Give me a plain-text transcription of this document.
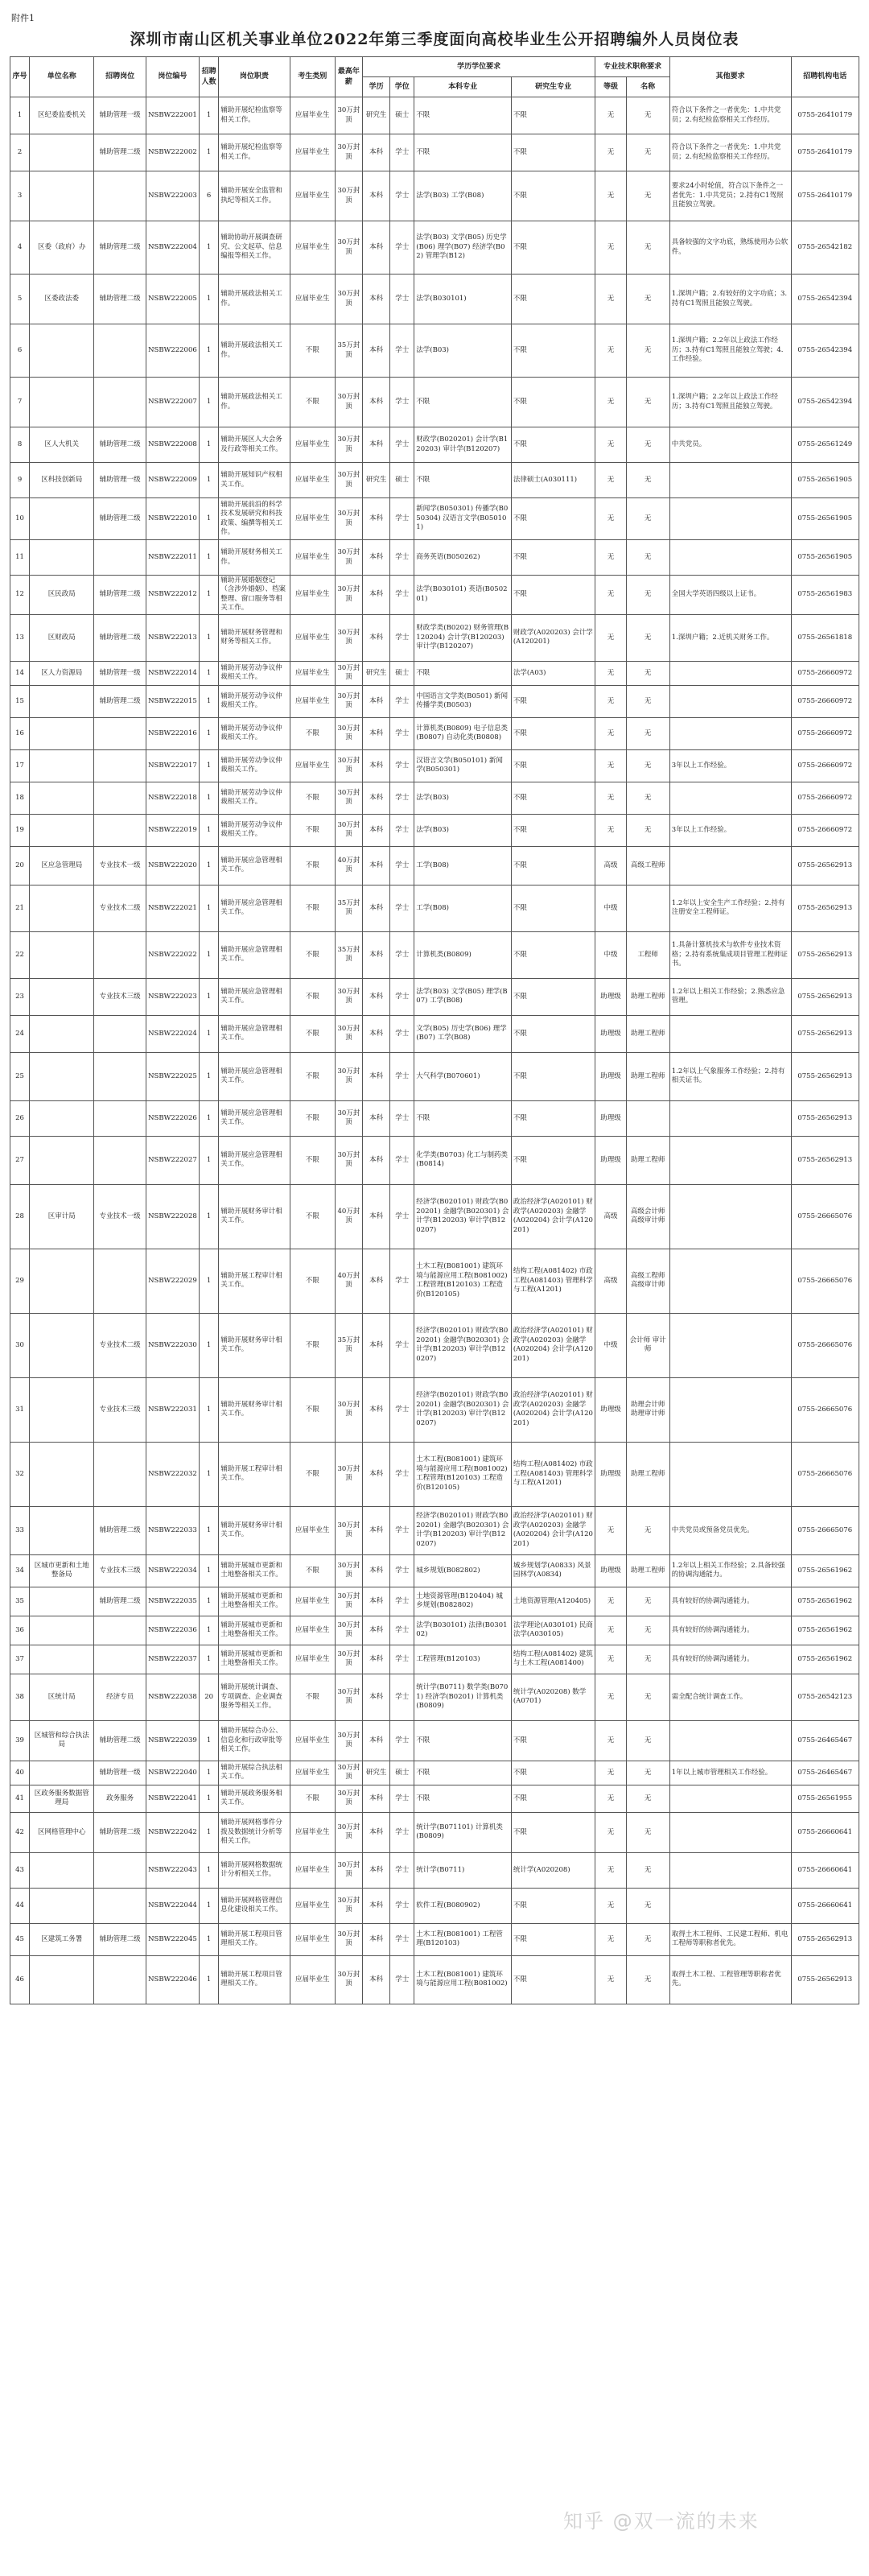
附件1
深圳市南山区机关事业单位2022年第三季度面向高校毕业生公开招聘编外人员岗位表
序号	单位名称	招聘岗位	岗位编号	招聘人数	岗位职责	考生类别	最高年薪	学历学位要求				专业技术职称要求		其他要求	招聘机构电话
								学历	学位	本科专业	研究生专业	等级	名称		
1	区纪委监委机关	辅助管理一级	NSBW222001	1	辅助开展纪检监察等相关工作。	应届毕业生	30万封顶	研究生	硕士	不限	不限	无	无	符合以下条件之一者优先：1.中共党员；2.有纪检监察相关工作经历。	0755-26410179
2		辅助管理二级	NSBW222002	1	辅助开展纪检监察等相关工作。	应届毕业生	30万封顶	本科	学士	不限	不限	无	无	符合以下条件之一者优先：1.中共党员；2.有纪检监察相关工作经历。	0755-26410179
3			NSBW222003	6	辅助开展安全监管和执纪等相关工作。	应届毕业生	30万封顶	本科	学士	法学(B03) 工学(B08)	不限	无	无	要求24小时轮值，符合以下条件之一者优先：1.中共党员；2.持有C1驾照且能独立驾驶。	0755-26410179
4	区委（政府）办	辅助管理二级	NSBW222004	1	辅助协助开展调查研究、公文起草、信息编报等相关工作。	应届毕业生	30万封顶	本科	学士	法学(B03) 文学(B05) 历史学(B06) 理学(B07) 经济学(B02) 管理学(B12)	不限	无	无	具备较强的文字功底，熟练使用办公软件。	0755-26542182
5	区委政法委	辅助管理二级	NSBW222005	1	辅助开展政法相关工作。	应届毕业生	30万封顶	本科	学士	法学(B030101)	不限	无	无	1.深圳户籍；2.有较好的文字功底；3.持有C1驾照且能独立驾驶。	0755-26542394
6			NSBW222006	1	辅助开展政法相关工作。	不限	35万封顶	本科	学士	法学(B03)	不限	无	无	1.深圳户籍；2.2年以上政法工作经历；3.持有C1驾照且能独立驾驶；4.工作经验。	0755-26542394
7			NSBW222007	1	辅助开展政法相关工作。	不限	30万封顶	本科	学士	不限	不限	无	无	1.深圳户籍；2.2年以上政法工作经历；3.持有C1驾照且能独立驾驶。	0755-26542394
8	区人大机关	辅助管理二级	NSBW222008	1	辅助开展区人大会务及行政等相关工作。	应届毕业生	30万封顶	本科	学士	财政学(B020201) 会计学(B120203) 审计学(B120207)	不限	无	无	中共党员。	0755-26561249
9	区科技创新局	辅助管理一级	NSBW222009	1	辅助开展知识产权相关工作。	应届毕业生	30万封顶	研究生	硕士	不限	法律硕士(A030111)	无	无		0755-26561905
10		辅助管理二级	NSBW222010	1	辅助开展前沿的科学技术发展研究和科技政策、编撰等相关工作。	应届毕业生	30万封顶	本科	学士	新闻学(B050301) 传播学(B050304) 汉语言文学(B050101)	不限	无	无		0755-26561905
11			NSBW222011	1	辅助开展财务相关工作。	应届毕业生	30万封顶	本科	学士	商务英语(B050262)	不限	无	无		0755-26561905
12	区民政局	辅助管理二级	NSBW222012	1	辅助开展婚姻登记（含涉外婚姻）、档案整理、窗口服务等相关工作。	应届毕业生	30万封顶	本科	学士	法学(B030101) 英语(B050201)	不限	无	无	全国大学英语四级以上证书。	0755-26561983
13	区财政局	辅助管理二级	NSBW222013	1	辅助开展财务管理和财务等相关工作。	应届毕业生	30万封顶	本科	学士	财政学类(B0202) 财务管理(B120204) 会计学(B120203) 审计学(B120207)	财政学(A020203) 会计学(A120201)	无	无	1.深圳户籍；2.近机关财务工作。	0755-26561818
14	区人力资源局	辅助管理一级	NSBW222014	1	辅助开展劳动争议仲裁相关工作。	应届毕业生	30万封顶	研究生	硕士	不限	法学(A03)	无	无		0755-26660972
15		辅助管理二级	NSBW222015	1	辅助开展劳动争议仲裁相关工作。	应届毕业生	30万封顶	本科	学士	中国语言文学类(B0501) 新闻传播学类(B0503)	不限	无	无		0755-26660972
16			NSBW222016	1	辅助开展劳动争议仲裁相关工作。	不限	30万封顶	本科	学士	计算机类(B0809) 电子信息类(B0807) 自动化类(B0808)	不限	无	无		0755-26660972
17			NSBW222017	1	辅助开展劳动争议仲裁相关工作。	应届毕业生	30万封顶	本科	学士	汉语言文学(B050101) 新闻学(B050301)	不限	无	无	3年以上工作经验。	0755-26660972
18			NSBW222018	1	辅助开展劳动争议仲裁相关工作。	不限	30万封顶	本科	学士	法学(B03)	不限	无	无		0755-26660972
19			NSBW222019	1	辅助开展劳动争议仲裁相关工作。	不限	30万封顶	本科	学士	法学(B03)	不限	无	无	3年以上工作经验。	0755-26660972
20	区应急管理局	专业技术一级	NSBW222020	1	辅助开展应急管理相关工作。	不限	40万封顶	本科	学士	工学(B08)	不限	高级	高级工程师		0755-26562913
21		专业技术二级	NSBW222021	1	辅助开展应急管理相关工作。	不限	35万封顶	本科	学士	工学(B08)	不限	中级		1.2年以上安全生产工作经验；2.持有注册安全工程师证。	0755-26562913
22			NSBW222022	1	辅助开展应急管理相关工作。	不限	35万封顶	本科	学士	计算机类(B0809)	不限	中级	工程师	1.具备计算机技术与软件专业技术资格；2.持有系统集成项目管理工程师证书。	0755-26562913
23		专业技术三级	NSBW222023	1	辅助开展应急管理相关工作。	不限	30万封顶	本科	学士	法学(B03) 文学(B05) 理学(B07) 工学(B08)	不限	助理级	助理工程师	1.2年以上相关工作经验；2.熟悉应急管理。	0755-26562913
24			NSBW222024	1	辅助开展应急管理相关工作。	不限	30万封顶	本科	学士	文学(B05) 历史学(B06) 理学(B07) 工学(B08)	不限	助理级	助理工程师		0755-26562913
25			NSBW222025	1	辅助开展应急管理相关工作。	不限	30万封顶	本科	学士	大气科学(B070601)	不限	助理级	助理工程师	1.2年以上气象服务工作经验；2.持有相关证书。	0755-26562913
26			NSBW222026	1	辅助开展应急管理相关工作。	不限	30万封顶	本科	学士	不限	不限	助理级			0755-26562913
27			NSBW222027	1	辅助开展应急管理相关工作。	不限	30万封顶	本科	学士	化学类(B0703) 化工与制药类(B0814)	不限	助理级	助理工程师		0755-26562913
28	区审计局	专业技术一级	NSBW222028	1	辅助开展财务审计相关工作。	不限	40万封顶	本科	学士	经济学(B020101) 财政学(B020201) 金融学(B020301) 会计学(B120203) 审计学(B120207)	政治经济学(A020101) 财政学(A020203) 金融学(A020204) 会计学(A120201)	高级	高级会计师 高级审计师		0755-26665076
29			NSBW222029	1	辅助开展工程审计相关工作。	不限	40万封顶	本科	学士	土木工程(B081001) 建筑环境与能源应用工程(B081002) 工程管理(B120103) 工程造价(B120105)	结构工程(A081402) 市政工程(A081403) 管理科学与工程(A1201)	高级	高级工程师 高级审计师		0755-26665076
30		专业技术二级	NSBW222030	1	辅助开展财务审计相关工作。	不限	35万封顶	本科	学士	经济学(B020101) 财政学(B020201) 金融学(B020301) 会计学(B120203) 审计学(B120207)	政治经济学(A020101) 财政学(A020203) 金融学(A020204) 会计学(A120201)	中级	会计师 审计师		0755-26665076
31		专业技术三级	NSBW222031	1	辅助开展财务审计相关工作。	不限	30万封顶	本科	学士	经济学(B020101) 财政学(B020201) 金融学(B020301) 会计学(B120203) 审计学(B120207)	政治经济学(A020101) 财政学(A020203) 金融学(A020204) 会计学(A120201)	助理级	助理会计师 助理审计师		0755-26665076
32			NSBW222032	1	辅助开展工程审计相关工作。	不限	30万封顶	本科	学士	土木工程(B081001) 建筑环境与能源应用工程(B081002) 工程管理(B120103) 工程造价(B120105)	结构工程(A081402) 市政工程(A081403) 管理科学与工程(A1201)	助理级	助理工程师		0755-26665076
33		辅助管理二级	NSBW222033	1	辅助开展财务审计相关工作。	应届毕业生	30万封顶	本科	学士	经济学(B020101) 财政学(B020201) 金融学(B020301) 会计学(B120203) 审计学(B120207)	政治经济学(A020101) 财政学(A020203) 金融学(A020204) 会计学(A120201)	无	无	中共党员或预备党员优先。	0755-26665076
34	区城市更新和土地整备局	专业技术三级	NSBW222034	1	辅助开展城市更新和土地整备相关工作。	不限	30万封顶	本科	学士	城乡规划(B082802)	城乡规划学(A0833) 风景园林学(A0834)	助理级	助理工程师	1.2年以上相关工作经验；2.具备较强的协调沟通能力。	0755-26561962
35		辅助管理二级	NSBW222035	1	辅助开展城市更新和土地整备相关工作。	应届毕业生	30万封顶	本科	学士	土地资源管理(B120404) 城乡规划(B082802)	土地资源管理(A120405)	无	无	具有较好的协调沟通能力。	0755-26561962
36			NSBW222036	1	辅助开展城市更新和土地整备相关工作。	应届毕业生	30万封顶	本科	学士	法学(B030101) 法律(B030102)	法学理论(A030101) 民商法学(A030105)	无	无	具有较好的协调沟通能力。	0755-26561962
37			NSBW222037	1	辅助开展城市更新和土地整备相关工作。	应届毕业生	30万封顶	本科	学士	工程管理(B120103)	结构工程(A081402) 建筑与土木工程(A081400)	无	无	具有较好的协调沟通能力。	0755-26561962
38	区统计局	经济专员	NSBW222038	20	辅助开展统计调查、专项调查、企业调查服务等相关工作。	不限	30万封顶	本科	学士	统计学(B0711) 数学类(B0701) 经济学(B0201) 计算机类(B0809)	统计学(A020208) 数学(A0701)	无	无	需全配合统计调查工作。	0755-26542123
39	区城管和综合执法局	辅助管理二级	NSBW222039	1	辅助开展综合办公、信息化和行政审批等相关工作。	应届毕业生	30万封顶	本科	学士	不限	不限	无	无		0755-26465467
40		辅助管理一级	NSBW222040	1	辅助开展综合执法相关工作。	应届毕业生	30万封顶	研究生	硕士	不限	不限	无	无	1年以上城市管理相关工作经验。	0755-26465467
41	区政务服务数据管理局	政务服务	NSBW222041	1	辅助开展政务服务相关工作。	不限	30万封顶	本科	学士	不限	不限	无	无		0755-26561955
42	区网格管理中心	辅助管理二级	NSBW222042	1	辅助开展网格事件分拨及数据统计分析等相关工作。	应届毕业生	30万封顶	本科	学士	统计学(B071101) 计算机类(B0809)	不限	无	无		0755-26660641
43			NSBW222043	1	辅助开展网格数据统计分析相关工作。	应届毕业生	30万封顶	本科	学士	统计学(B0711)	统计学(A020208)	无	无		0755-26660641
44			NSBW222044	1	辅助开展网格管理信息化建设相关工作。	应届毕业生	30万封顶	本科	学士	软件工程(B080902)	不限	无	无		0755-26660641
45	区建筑工务署	辅助管理二级	NSBW222045	1	辅助开展工程项目管理相关工作。	应届毕业生	30万封顶	本科	学士	土木工程(B081001) 工程管理(B120103)	不限	无	无	取得土木工程师、工民建工程师、机电工程师等职称者优先。	0755-26562913
46			NSBW222046	1	辅助开展工程项目管理相关工作。	应届毕业生	30万封顶	本科	学士	土木工程(B081001) 建筑环境与能源应用工程(B081002)	不限	无	无	取得土木工程、工程管理等职称者优先。	0755-26562913
知乎 @双一流的未来
